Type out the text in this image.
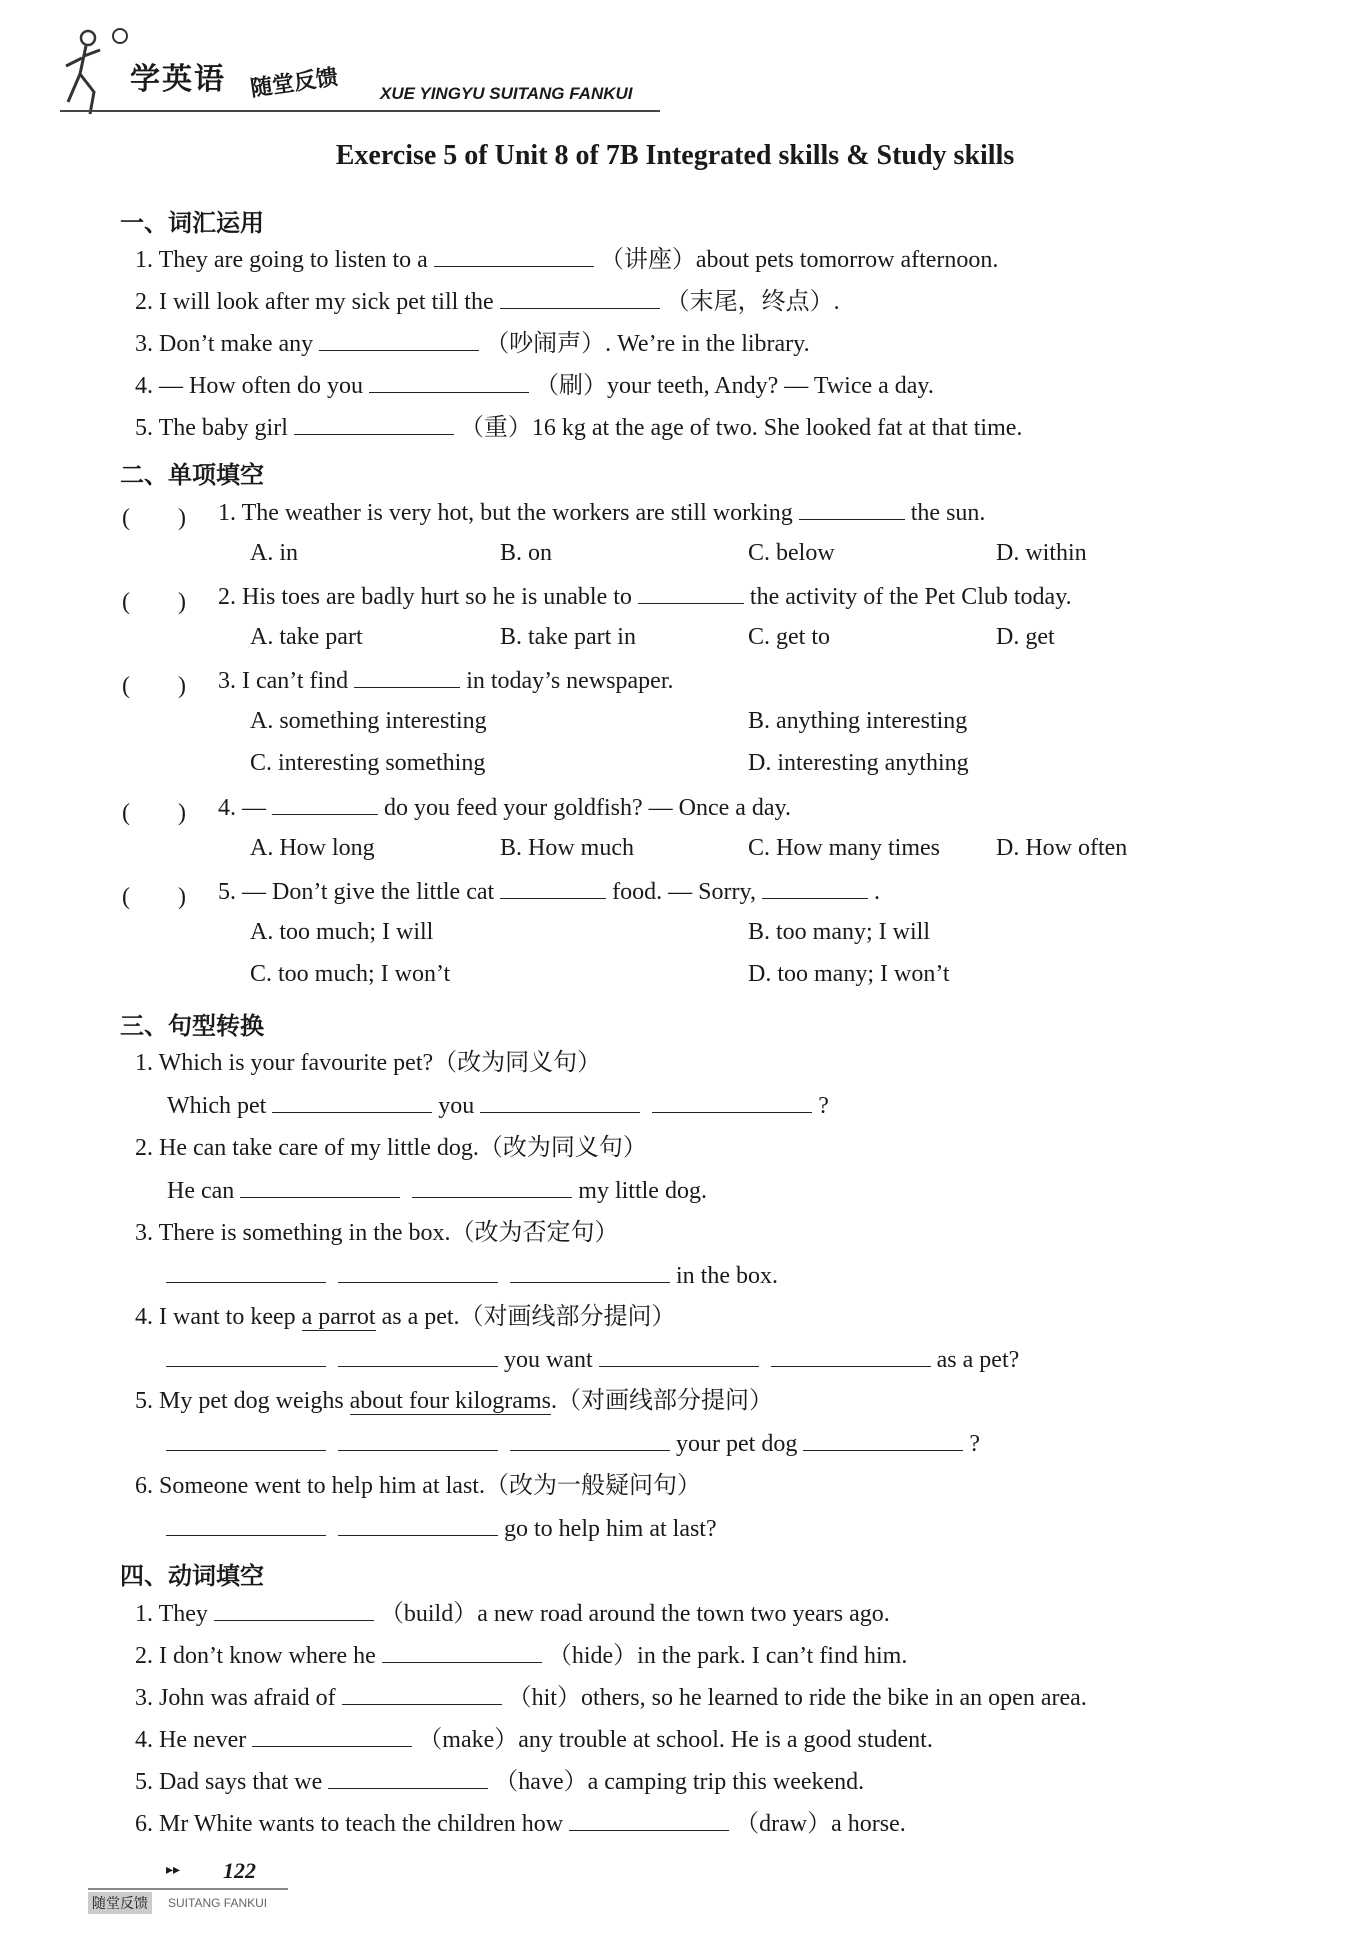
学英语 随堂反馈 XUE YINGYU SUITANG FANKUI
Exercise 5 of Unit 8 of 7B Integrated skills & Study skills
一、词汇运用
1. They are going to listen to a	（讲座）about pets tomorrow afternoon.
2. I will look after my sick pet till the	（末尾，终点）.
3. Don’t make any	（吵闹声）. We’re in the library.
4. — How often do you	（刷）your teeth, Andy? — Twice a day.
5. The baby girl	（重）16 kg at the age of two. She looked fat at that time.
二、单项填空
(　　) 1. The weather is very hot, but the workers are still working	the sun.
A. in	B. on	C. below	D. within
(　　) 2. His toes are badly hurt so he is unable to	the activity of the Pet Club today.
A. take part	B. take part in	C. get to	D. get
(　　) 3. I can’t find	in today’s newspaper.
A. something interesting	B. anything interesting
C. interesting something	D. interesting anything
(　　) 4. —	do you feed your goldfish? — Once a day.
A. How long	B. How much	C. How many times D. How often
(　　) 5. — Don’t give the little cat	food. — Sorry,	.
A. too much; I will	B. too many; I will
C. too much; I won’t	D. too many; I won’t
三、句型转换
1. Which is your favourite pet?（改为同义句）
Which pet	you	?
2. He can take care of my little dog.（改为同义句）
He can	my little dog.
3. There is something in the box.（改为否定句）
in the box.
4. I want to keep a parrot as a pet.（对画线部分提问）
you want	as a pet?
5. My pet dog weighs about four kilograms.（对画线部分提问）
your pet dog	?
6. Someone went to help him at last.（改为一般疑问句）
go to help him at last?
四、动词填空
1. They	（build）a new road around the town two years ago.
2. I don’t know where he	（hide）in the park. I can’t find him.
3. John was afraid of	（hit）others, so he learned to ride the bike in an open area.
4. He never	（make）any trouble at school. He is a good student.
5. Dad says that we	（have）a camping trip this weekend.
6. Mr White wants to teach the children how	（draw）a horse.
▸▸ 122
随堂反馈	SUITANG FANKUI
